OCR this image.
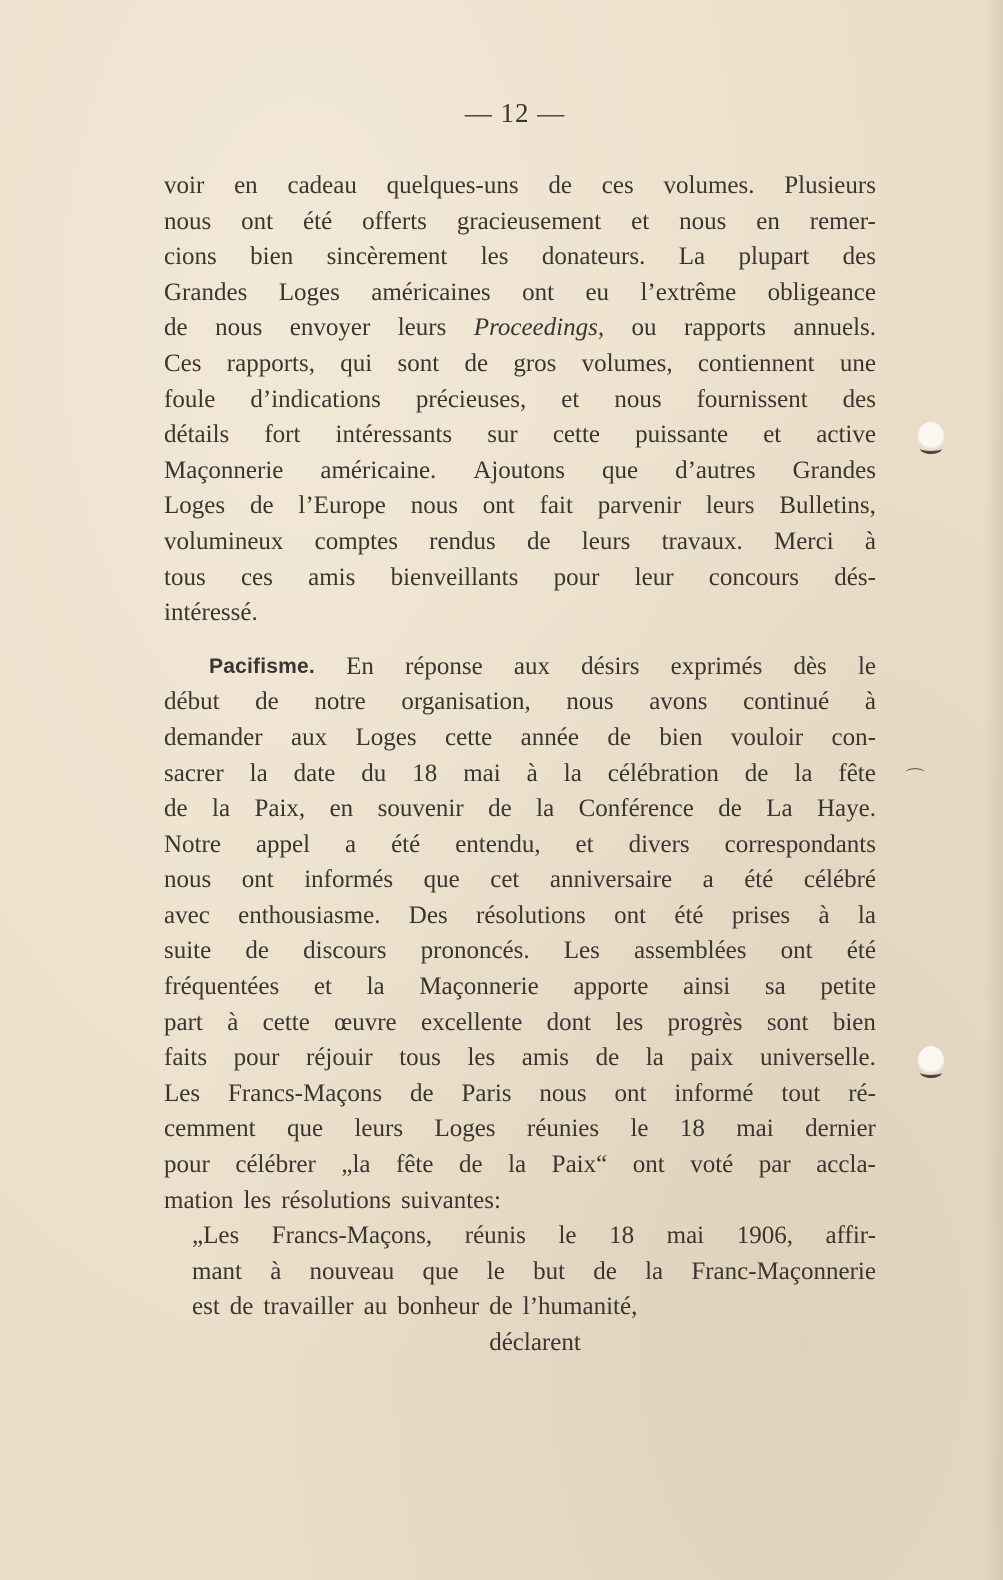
— 12 —
voir en cadeau quelques-uns de ces volumes. Plusieurs
nous ont été offerts gracieusement et nous en remer-
cions bien sincèrement les donateurs. La plupart des
Grandes Loges américaines ont eu l’extrême obligeance
de nous envoyer leurs Proceedings, ou rapports annuels.
Ces rapports, qui sont de gros volumes, contiennent une
foule d’indications précieuses, et nous fournissent des
détails fort intéressants sur cette puissante et active
Maçonnerie américaine. Ajoutons que d’autres Grandes
Loges de l’Europe nous ont fait parvenir leurs Bulletins,
volumineux comptes rendus de leurs travaux. Merci à
tous ces amis bienveillants pour leur concours dés-
intéressé.
Pacifisme. En réponse aux désirs exprimés dès le
début de notre organisation, nous avons continué à
demander aux Loges cette année de bien vouloir con-
sacrer la date du 18 mai à la célébration de la fête
de la Paix, en souvenir de la Conférence de La Haye.
Notre appel a été entendu, et divers correspondants
nous ont informés que cet anniversaire a été célébré
avec enthousiasme. Des résolutions ont été prises à la
suite de discours prononcés. Les assemblées ont été
fréquentées et la Maçonnerie apporte ainsi sa petite
part à cette œuvre excellente dont les progrès sont bien
faits pour réjouir tous les amis de la paix universelle.
Les Francs-Maçons de Paris nous ont informé tout ré-
cemment que leurs Loges réunies le 18 mai dernier
pour célébrer „la fête de la Paix“ ont voté par accla-
mation les résolutions suivantes:
„Les Francs-Maçons, réunis le 18 mai 1906, affir-
mant à nouveau que le but de la Franc-Maçonnerie
est de travailler au bonheur de l’humanité,
déclarent
⌒
